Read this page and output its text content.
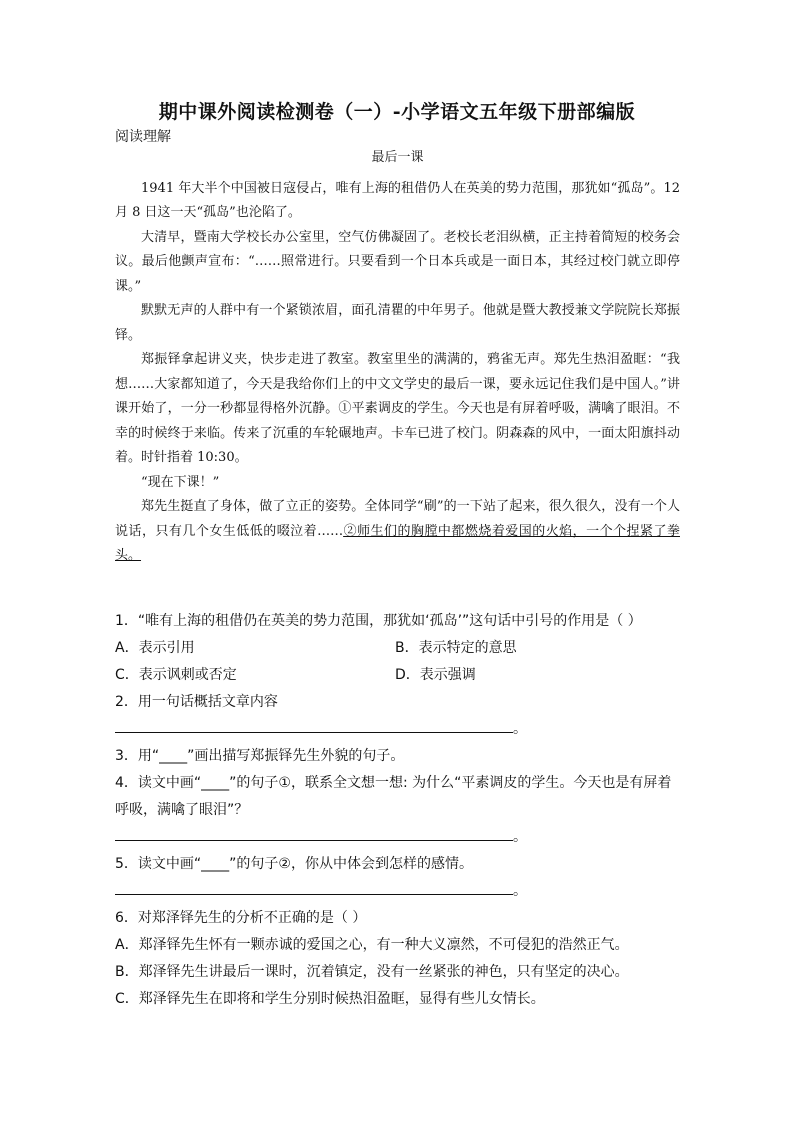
期中课外阅读检测卷（一）-小学语文五年级下册部编版
阅读理解
最后一课

1941 年大半个中国被日寇侵占，唯有上海的租借仍人在英美的势力范围，那犹如“孤岛”。12 月 8 日这一天“孤岛”也沦陷了。

大清早，暨南大学校长办公室里，空气仿佛凝固了。老校长老泪纵横，正主持着简短的校务会议。最后他颤声宣布：“……照常进行。只要看到一个日本兵或是一面日本，其经过校门就立即停课。”

默默无声的人群中有一个紧锁浓眉，面孔清瞿的中年男子。他就是暨大教授兼文学院院长郑振铎。

郑振铎拿起讲义夹，快步走进了教室。教室里坐的满满的，鸦雀无声。郑先生热泪盈眶：“我想……大家都知道了，今天是我给你们上的中文文学史的最后一课，要永远记住我们是中国人。”讲课开始了，一分一秒都显得格外沉静。①平素调皮的学生。今天也是有屏着呼吸，满噙了眼泪。不幸的时候终于来临。传来了沉重的车轮碾地声。卡车已进了校门。阴森森的风中，一面太阳旗抖动着。时针指着 10:30。

“现在下课！”

郑先生挺直了身体，做了立正的姿势。全体同学“刷”的一下站了起来，很久很久，没有一个人说话，只有几个女生低低的啜泣着……②师生们的胸膛中都燃烧着爱国的火焰，一个个捏紧了拳头。

1．“唯有上海的租借仍在英美的势力范围，那犹如‘孤岛’”这句话中引号的作用是（ ）
A．表示引用	B．表示特定的意思
C．表示讽刺或否定	D．表示强调
2．用一句话概括文章内容
。
3．用“____”画出描写郑振铎先生外貌的句子。
4．读文中画“____”的句子①，联系全文想一想: 为什么“平素调皮的学生。今天也是有屏着呼吸，满噙了眼泪”？
。
5．读文中画“____”的句子②，你从中体会到怎样的感情。
。
6．对郑泽铎先生的分析不正确的是（ ）
A．郑泽铎先生怀有一颗赤诚的爱国之心，有一种大义凛然，不可侵犯的浩然正气。
B．郑泽铎先生讲最后一课时，沉着镇定，没有一丝紧张的神色，只有坚定的决心。
C．郑泽铎先生在即将和学生分别时候热泪盈眶，显得有些儿女情长。
